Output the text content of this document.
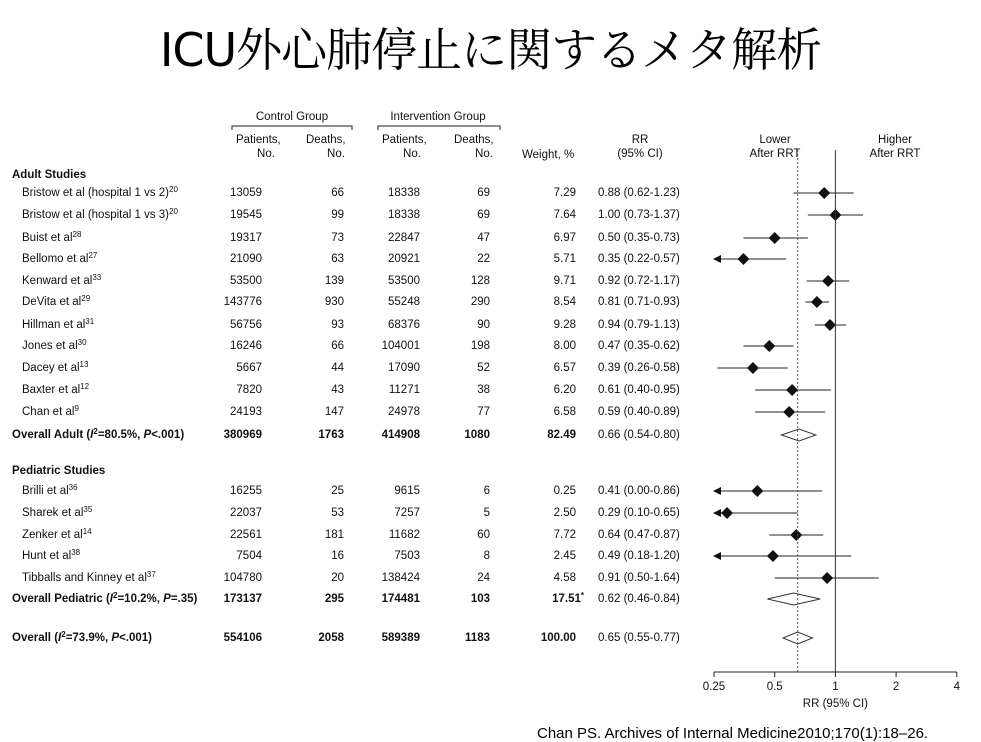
ICU外心肺停止に関するメタ解析
Control Group	Intervention Group
Patients,
No.
Deaths,
No.
Patients,
No.
Deaths,
No.	Weight, %
RR
(95% CI)
Lower
After RRT
Higher
After RRT
Adult Studies
Bristow et al (hospital 1 vs 2)$^{20}$	13059	66	18338	69	7.29 0.88 (0.62-1.23)
Bristow et al (hospital 1 vs 3)$^{20}$	19545	99	18338	69	7.64 1.00 (0.73-1.37)
Buist et $al^{28}$	19317	73	22847	47	6.97 0.50 (0.35-0.73)
Bellomo et $al^{27}$	21090	63	20921	22	5.71 0.35 (0.22-0.57)
Kenward et $al^{33}$	53500	139	53500	128	9.71 0.92 (0.72-1.17)
DeVita et $al^{29}$	143776	930	55248	290	8.54 0.81 (0.71-0.93)
Hillman et $al^{31}$	56756	93	68376	90	9.28 0.94 (0.79-1.13)
Jones et $al^{30}$	16246	66	104001	198	8.00 0.47 (0.35-0.62)
Dacey et $al^{13}$	5667	44	17090	52	6.57 0.39 (0.26-0.58)
Baxter et $al^{12}$	7820	43	11271	38	6.20 0.61 (0.40-0.95)
Chan et $al^9$	24193	147	24978	77	6.58 0.59 (0.40-0.89)
Overall Adult ($I^2=80.5\%$, P<.001)	380969	1763	414908	1080	82.49 0.66 (0.54-0.80)
Pediatric Studies
Brilli et $al^{36}$	16255	25	9615	6	0.25 0.41 (0.00-0.86)
Sharek et $al^{35}$	22037	53	7257	5	2.50 0.29 (0.10-0.65)
Zenker et $al^{14}$	22561	181	11682	60	7.72 0.64 (0.47-0.87)
Hunt et $al^{38}$	7504	16	7503	8	2.45 0.49 (0.18-1.20)
Tibballs and Kinney et $al^{37}$	104780	20	138424	24	4.58 0.91 (0.50-1.64)
Overall Pediatric ($I^2=10.2\%$, P=.35)	173137	295	174481	103	17.51* 0.62 (0.46-0.84)
Overall ($I^2=73.9\%$, P<.001)	554106	2058	589389	1183	100.00 0.65 (0.55-0.77)
0.25	0.5	1	2	4
RR (95% CI)
Chan PS. Archives of Internal Medicine2010;170(1):18–26.
